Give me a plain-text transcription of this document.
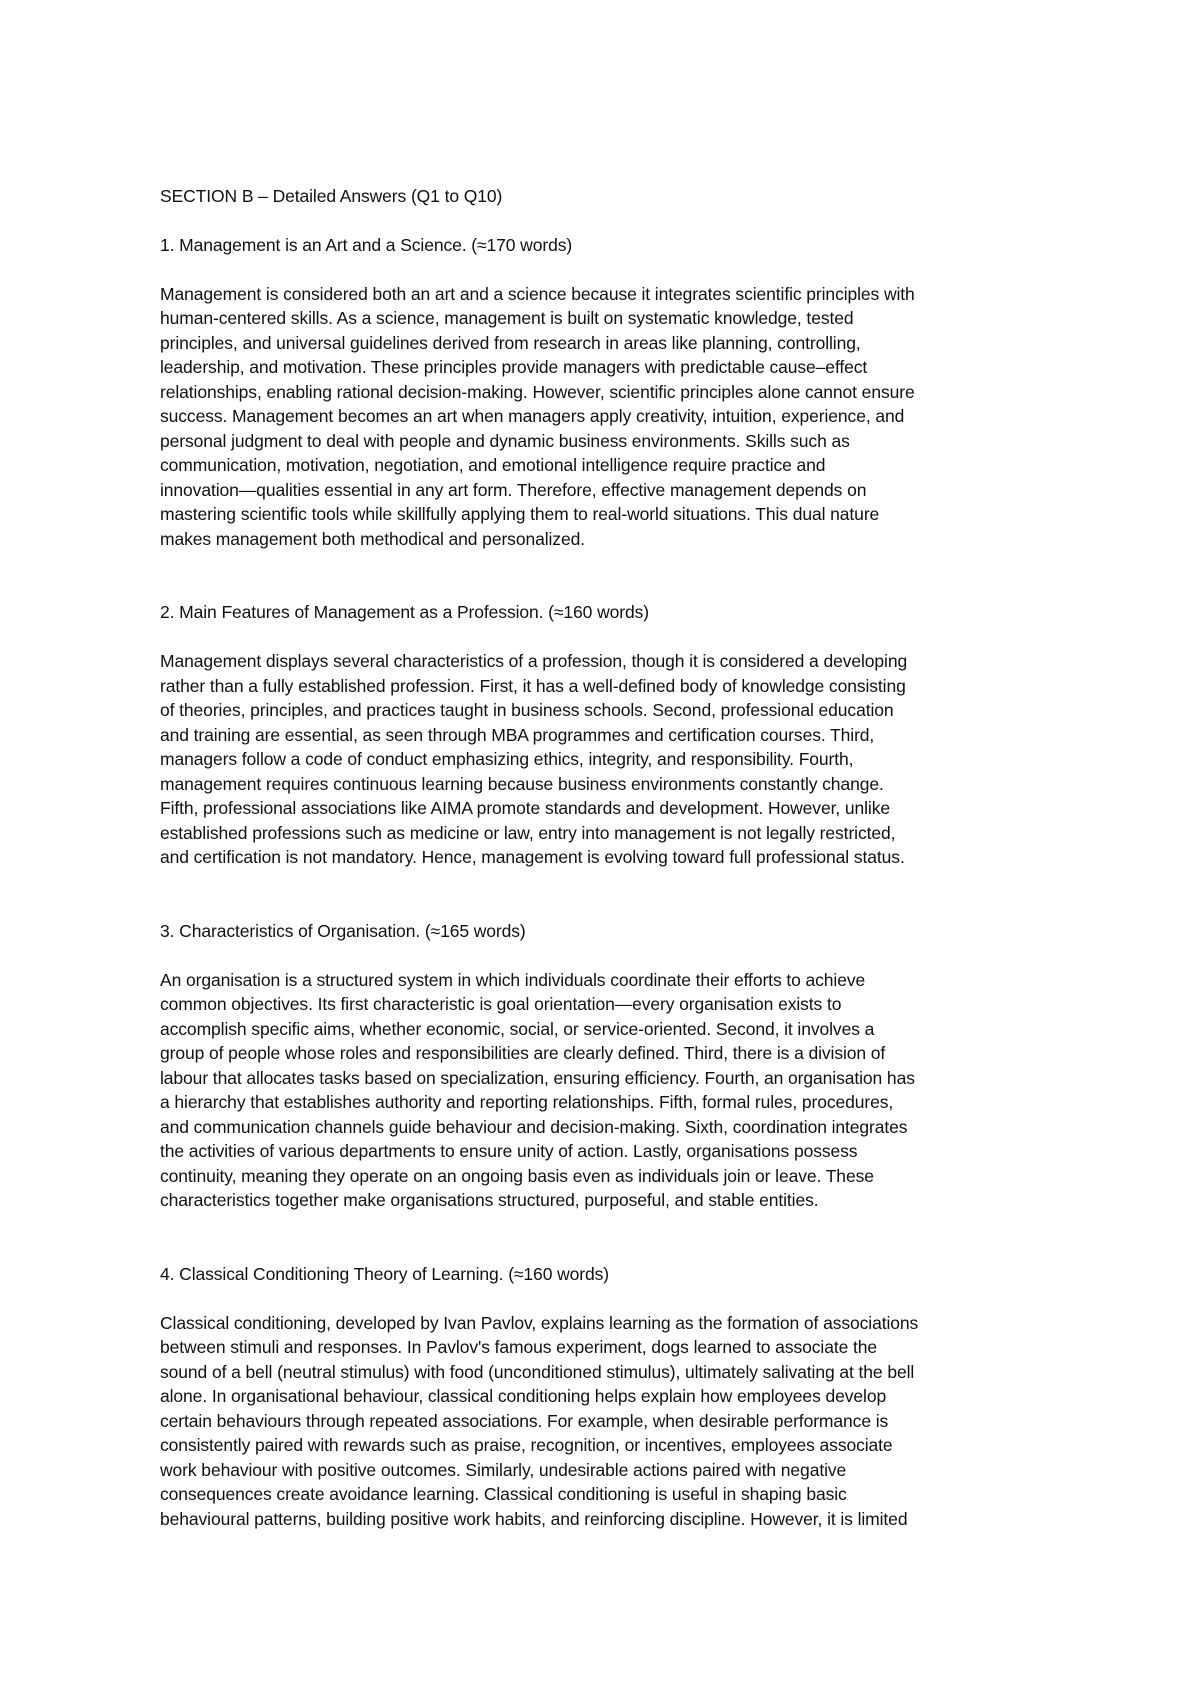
SECTION B – Detailed Answers (Q1 to Q10)
1. Management is an Art and a Science. (≈170 words)

Management is considered both an art and a science because it integrates scientific principles with
human-centered skills. As a science, management is built on systematic knowledge, tested
principles, and universal guidelines derived from research in areas like planning, controlling,
leadership, and motivation. These principles provide managers with predictable cause–effect
relationships, enabling rational decision-making. However, scientific principles alone cannot ensure
success. Management becomes an art when managers apply creativity, intuition, experience, and
personal judgment to deal with people and dynamic business environments. Skills such as
communication, motivation, negotiation, and emotional intelligence require practice and
innovation—qualities essential in any art form. Therefore, effective management depends on
mastering scientific tools while skillfully applying them to real-world situations. This dual nature
makes management both methodical and personalized.

2. Main Features of Management as a Profession. (≈160 words)

Management displays several characteristics of a profession, though it is considered a developing
rather than a fully established profession. First, it has a well-defined body of knowledge consisting
of theories, principles, and practices taught in business schools. Second, professional education
and training are essential, as seen through MBA programmes and certification courses. Third,
managers follow a code of conduct emphasizing ethics, integrity, and responsibility. Fourth,
management requires continuous learning because business environments constantly change.
Fifth, professional associations like AIMA promote standards and development. However, unlike
established professions such as medicine or law, entry into management is not legally restricted,
and certification is not mandatory. Hence, management is evolving toward full professional status.

3. Characteristics of Organisation. (≈165 words)

An organisation is a structured system in which individuals coordinate their efforts to achieve
common objectives. Its first characteristic is goal orientation—every organisation exists to
accomplish specific aims, whether economic, social, or service-oriented. Second, it involves a
group of people whose roles and responsibilities are clearly defined. Third, there is a division of
labour that allocates tasks based on specialization, ensuring efficiency. Fourth, an organisation has
a hierarchy that establishes authority and reporting relationships. Fifth, formal rules, procedures,
and communication channels guide behaviour and decision-making. Sixth, coordination integrates
the activities of various departments to ensure unity of action. Lastly, organisations possess
continuity, meaning they operate on an ongoing basis even as individuals join or leave. These
characteristics together make organisations structured, purposeful, and stable entities.

4. Classical Conditioning Theory of Learning. (≈160 words)

Classical conditioning, developed by Ivan Pavlov, explains learning as the formation of associations
between stimuli and responses. In Pavlov's famous experiment, dogs learned to associate the
sound of a bell (neutral stimulus) with food (unconditioned stimulus), ultimately salivating at the bell
alone. In organisational behaviour, classical conditioning helps explain how employees develop
certain behaviours through repeated associations. For example, when desirable performance is
consistently paired with rewards such as praise, recognition, or incentives, employees associate
work behaviour with positive outcomes. Similarly, undesirable actions paired with negative
consequences create avoidance learning. Classical conditioning is useful in shaping basic
behavioural patterns, building positive work habits, and reinforcing discipline. However, it is limited
